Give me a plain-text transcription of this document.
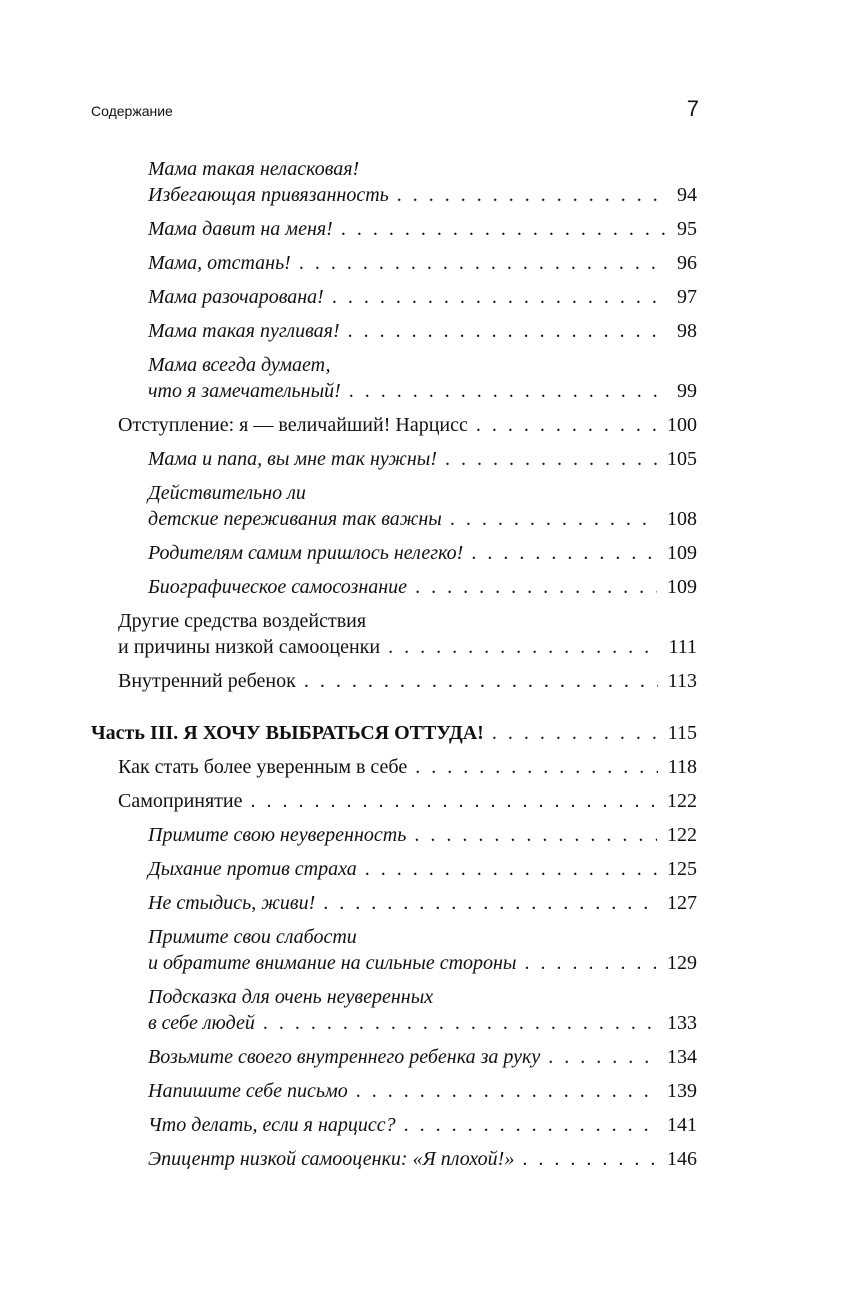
Содержание	7
Мама такая неласковая!
Избегающая привязанность . . .	94
Мама давит на меня! . . .	95
Мама, отстань! . . .	96
Мама разочарована! . . .	97
Мама такая пугливая! . . .	98
Мама всегда думает,
что я замечательный! . . .	99
Отступление: я — величайший! Нарцисс . . .	100
Мама и папа, вы мне так нужны! . . .	105
Действительно ли
детские переживания так важны . . .	108
Родителям самим пришлось нелегко! . . .	109
Биографическое самосознание . . .	109
Другие средства воздействия
и причины низкой самооценки . . .	111
Внутренний ребенок . . .	113
Часть III. Я ХОЧУ ВЫБРАТЬСЯ ОТТУДА! . . .	115
Как стать более уверенным в себе . . .	118
Самопринятие . . .	122
Примите свою неуверенность . . .	122
Дыхание против страха . . .	125
Не стыдись, живи! . . .	127
Примите свои слабости
и обратите внимание на сильные стороны . . .	129
Подсказка для очень неуверенных
в себе людей . . .	133
Возьмите своего внутреннего ребенка за руку . . .	134
Напишите себе письмо . . .	139
Что делать, если я нарцисс? . . .	141
Эпицентр низкой самооценки: «Я плохой!» . . .	146
